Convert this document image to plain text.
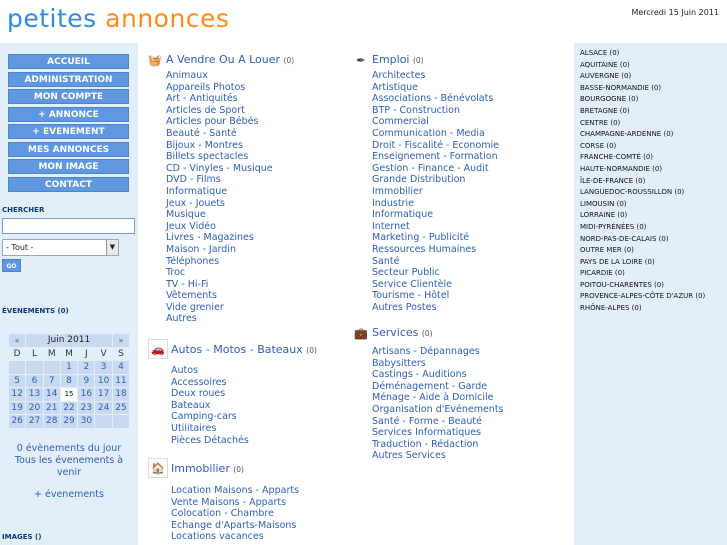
petites annonces	Mercredi 15 Juin 2011
ACCUEIL
ADMINISTRATION
MON COMPTE
+ ANNONCE
+ EVENEMENT
MES ANNONCES
MON IMAGE
CONTACT
CHERCHER
- Tout -	▼
GO
ÉVENEMENTS (0)
«	Juin 2011					»
D	L	M	M	J	V	S
			1	2	3	4
5	6	7	8	9	10	11
12	13	14	15	16	17	18
19	20	21	22	23	24	25
26	27	28	29	30		
0 évènements du jour
Tous les évenements à
venir
+ évenements
IMAGES ()
🧺 A Vendre Ou A Louer (0)
Animaux
Appareils Photos
Art - Antiquités
Articles de Sport
Articles pour Bébés
Beauté - Santé
Bijoux - Montres
Billets spectacles
CD - Vinyles - Musique
DVD - Films
Informatique
Jeux - Jouets
Musique
Jeux Vidéo
Livres - Magazines
Maison - Jardin
Téléphones
Troc
TV - Hi-Fi
Vêtements
Vide grenier
Autres
🚗 Autos - Motos - Bateaux (0)
Autos
Accessoires
Deux roues
Bateaux
Camping-cars
Utilitaires
Pièces Détachés
🏠 Immobilier (0)
Location Maisons - Apparts
Vente Maisons - Apparts
Colocation - Chambre
Echange d'Aparts-Maisons
Locations vacances
✒ Emploi (0)
Architectes
Artistique
Associations - Bénévolats
BTP - Construction
Commercial
Communication - Media
Droit - Fiscalité - Economie
Enseignement - Formation
Gestion - Finance - Audit
Grande Distribution
Immobilier
Industrie
Informatique
Internet
Marketing - Publicité
Ressources Humaines
Santé
Secteur Public
Service Clientèle
Tourisme - Hôtel
Autres Postes
💼 Services (0)
Artisans - Dépannages
Babysitters
Castings - Auditions
Déménagement - Garde
Ménage - Aide à Domicile
Organisation d'Evénements
Santé - Forme - Beauté
Services Informatiques
Traduction - Rédaction
Autres Services
ALSACE (0)
AQUITAINE (0)
AUVERGNE (0)
BASSE-NORMANDIE (0)
BOURGOGNE (0)
BRETAGNE (0)
CENTRE (0)
CHAMPAGNE-ARDENNE (0)
CORSE (0)
FRANCHE-COMTÉ (0)
HAUTE-NORMANDIE (0)
ÎLE-DE-FRANCE (0)
LANGUEDOC-ROUSSILLON (0)
LIMOUSIN (0)
LORRAINE (0)
MIDI-PYRÉNÉES (0)
NORD-PAS-DE-CALAIS (0)
OUTRE MER (0)
PAYS DE LA LOIRE (0)
PICARDIE (0)
POITOU-CHARENTES (0)
PROVENCE-ALPES-CÔTE D'AZUR (0)
RHÔNE-ALPES (0)
